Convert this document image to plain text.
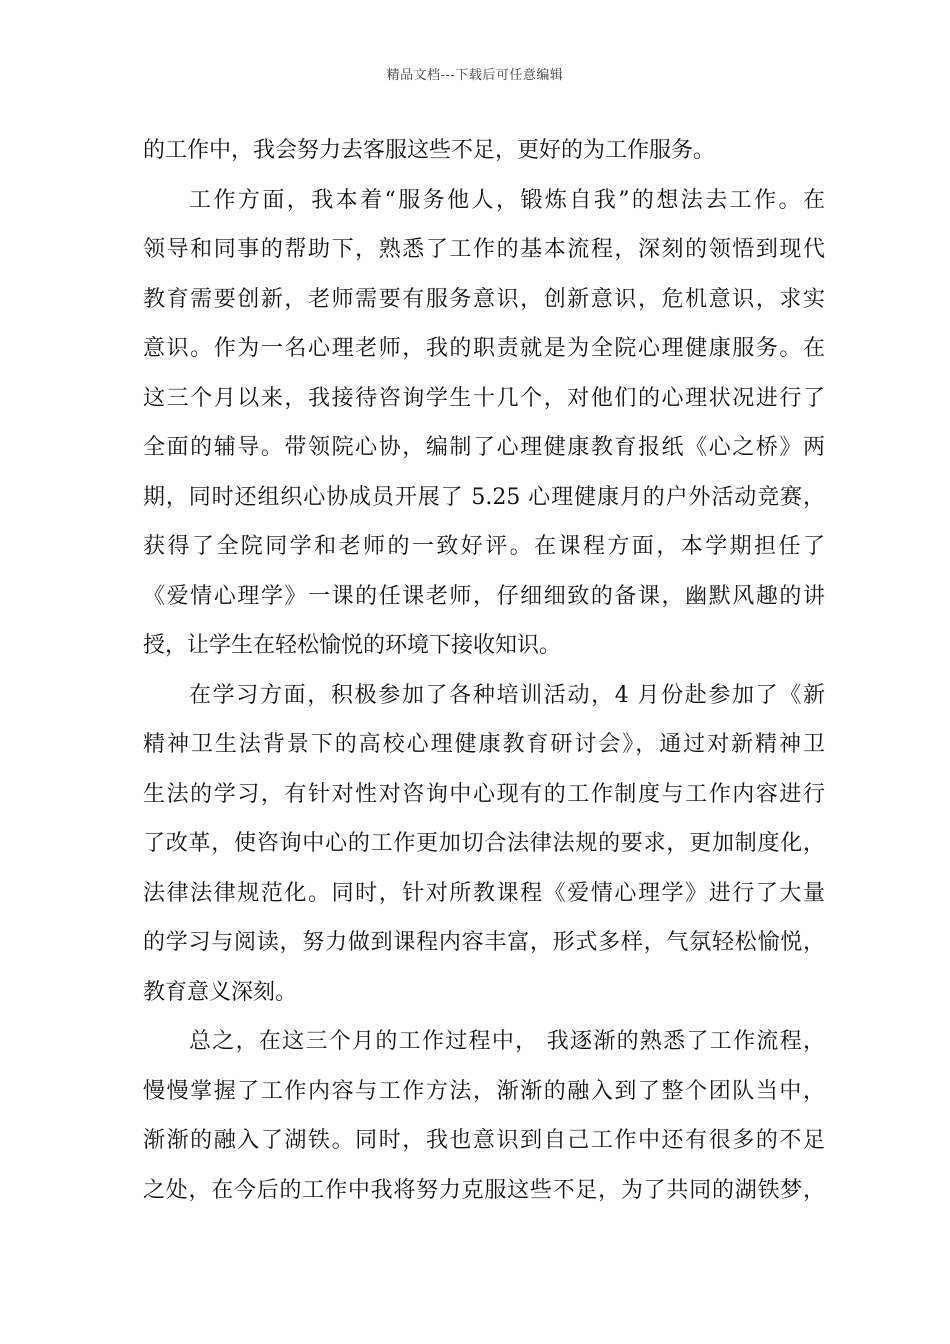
精品文档---下载后可任意编辑
的工作中，我会努力去客服这些不足，更好的为工作服务。
工作方面，我本着“服务他人，锻炼自我”的想法去工作。在
领导和同事的帮助下，熟悉了工作的基本流程，深刻的领悟到现代
教育需要创新，老师需要有服务意识，创新意识，危机意识，求实
意识。作为一名心理老师，我的职责就是为全院心理健康服务。在
这三个月以来，我接待咨询学生十几个，对他们的心理状况进行了
全面的辅导。带领院心协，编制了心理健康教育报纸《心之桥》两
期，同时还组织心协成员开展了 5.25 心理健康月的户外活动竞赛，
获得了全院同学和老师的一致好评。在课程方面，本学期担任了
《爱情心理学》一课的任课老师，仔细细致的备课，幽默风趣的讲
授，让学生在轻松愉悦的环境下接收知识。
在学习方面，积极参加了各种培训活动，4 月份赴参加了《新
精神卫生法背景下的高校心理健康教育研讨会》，通过对新精神卫
生法的学习，有针对性对咨询中心现有的工作制度与工作内容进行
了改革，使咨询中心的工作更加切合法律法规的要求，更加制度化，
法律法律规范化。同时，针对所教课程《爱情心理学》进行了大量
的学习与阅读，努力做到课程内容丰富，形式多样，气氛轻松愉悦，
教育意义深刻。
总之，在这三个月的工作过程中， 我逐渐的熟悉了工作流程，
慢慢掌握了工作内容与工作方法，渐渐的融入到了整个团队当中，
渐渐的融入了湖铁。同时，我也意识到自己工作中还有很多的不足
之处，在今后的工作中我将努力克服这些不足，为了共同的湖铁梦，
